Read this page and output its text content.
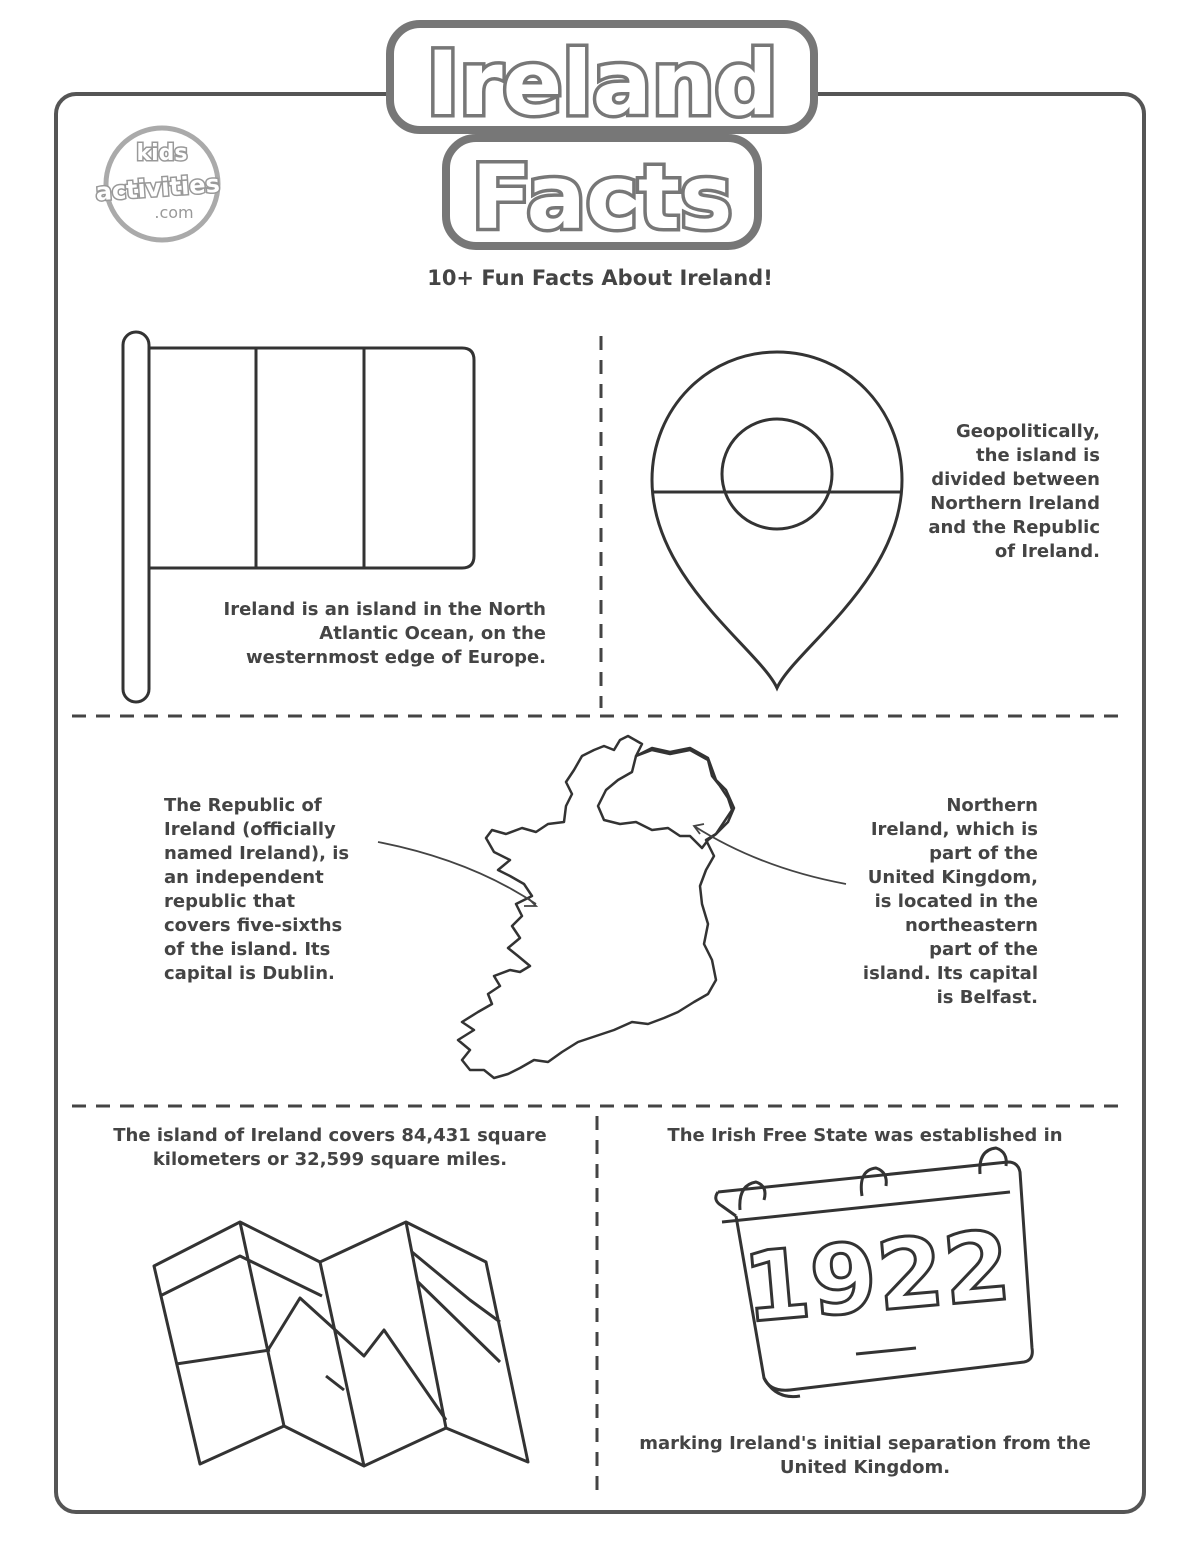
1922
Ireland
Facts
kids
activities
.com
10+ Fun Facts About Ireland!
Ireland is an island in the North Atlantic Ocean, on the westernmost edge of Europe.
Geopolitically, the island is divided between Northern Ireland and the Republic of Ireland.
The Republic of Ireland (officially named Ireland), is an independent republic that covers five-sixths of the island. Its capital is Dublin.
Northern Ireland, which is part of the United Kingdom, is located in the northeastern part of the island. Its capital is Belfast.
The island of Ireland covers 84,431 square kilometers or 32,599 square miles.
The Irish Free State was established in
marking Ireland's initial separation from the United Kingdom.
